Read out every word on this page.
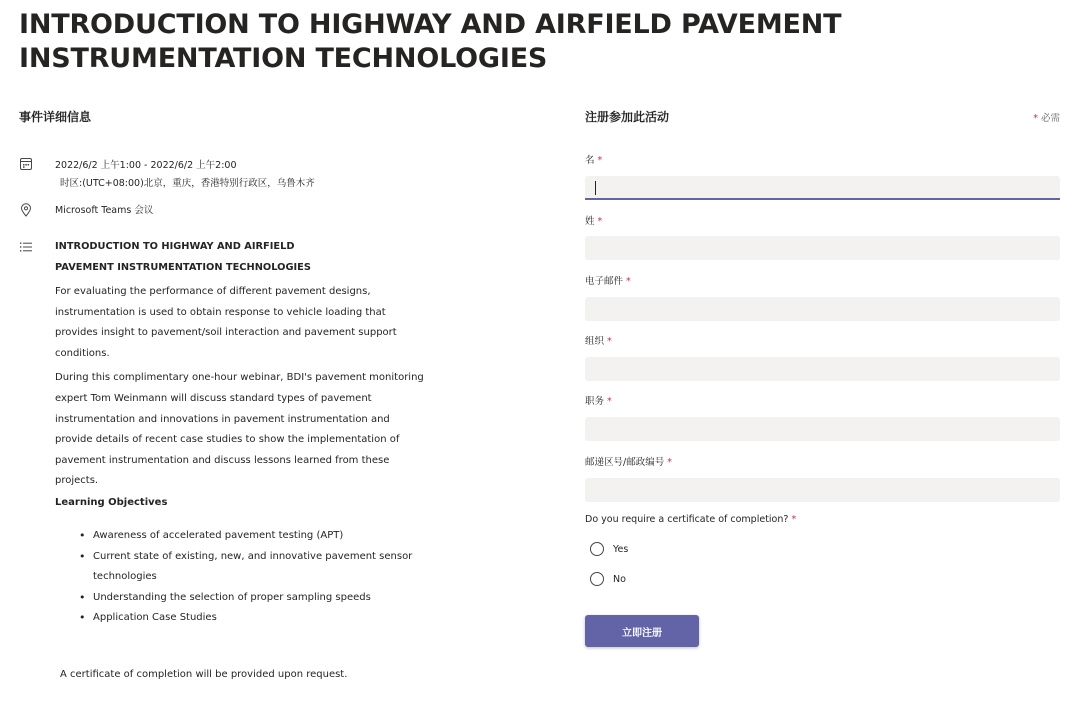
INTRODUCTION TO HIGHWAY AND AIRFIELD PAVEMENT INSTRUMENTATION TECHNOLOGIES
事件详细信息
2022/6/2 上午1:00 - 2022/6/2 上午2:00
时区:(UTC+08:00)北京，重庆，香港特别行政区，乌鲁木齐
Microsoft Teams 会议
INTRODUCTION TO HIGHWAY AND AIRFIELD PAVEMENT INSTRUMENTATION TECHNOLOGIES

For evaluating the performance of different pavement designs, instrumentation is used to obtain response to vehicle loading that provides insight to pavement/soil interaction and pavement support conditions.

During this complimentary one-hour webinar, BDI's pavement monitoring expert Tom Weinmann will discuss standard types of pavement instrumentation and innovations in pavement instrumentation and provide details of recent case studies to show the implementation of pavement instrumentation and discuss lessons learned from these projects.

Learning Objectives
• Awareness of accelerated pavement testing (APT)
• Current state of existing, new, and innovative pavement sensor technologies
• Understanding the selection of proper sampling speeds
• Application Case Studies
A certificate of completion will be provided upon request.
注册参加此活动	* 必需
名 *
姓 *
电子邮件 *
组织 *
职务 *
邮递区号/邮政编号 *
Do you require a certificate of completion? *
Yes
No
立即注册
